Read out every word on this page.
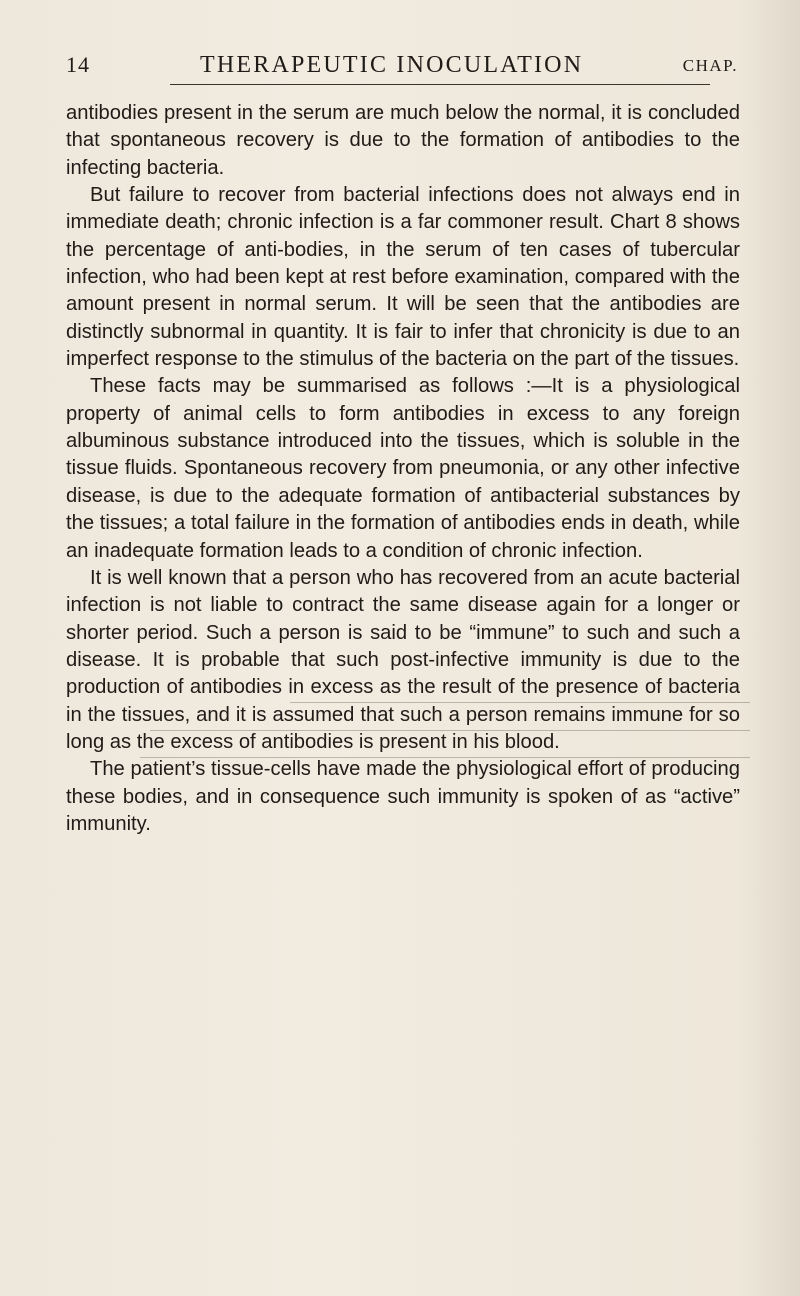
14	THERAPEUTIC INOCULATION	CHAP.

antibodies present in the serum are much below the normal, it is concluded that spontaneous recovery is due to the formation of antibodies to the infecting bacteria.

But failure to recover from bacterial infections does not always end in immediate death; chronic infection is a far commoner result. Chart 8 shows the percentage of anti-bodies, in the serum of ten cases of tubercular infection, who had been kept at rest before examination, compared with the amount present in normal serum. It will be seen that the antibodies are distinctly subnormal in quantity. It is fair to infer that chronicity is due to an imperfect response to the stimulus of the bacteria on the part of the tissues.

These facts may be summarised as follows :—It is a physiological property of animal cells to form antibodies in excess to any foreign albuminous substance introduced into the tissues, which is soluble in the tissue fluids. Spontaneous recovery from pneumonia, or any other infective disease, is due to the adequate formation of antibacterial substances by the tissues; a total failure in the formation of antibodies ends in death, while an inadequate formation leads to a condition of chronic infection.

It is well known that a person who has recovered from an acute bacterial infection is not liable to contract the same disease again for a longer or shorter period. Such a person is said to be “immune” to such and such a disease. It is probable that such post-infective immunity is due to the production of antibodies in excess as the result of the presence of bacteria in the tissues, and it is assumed that such a person remains immune for so long as the excess of antibodies is present in his blood.

The patient’s tissue-cells have made the physiological effort of producing these bodies, and in consequence such immunity is spoken of as “active” immunity.
